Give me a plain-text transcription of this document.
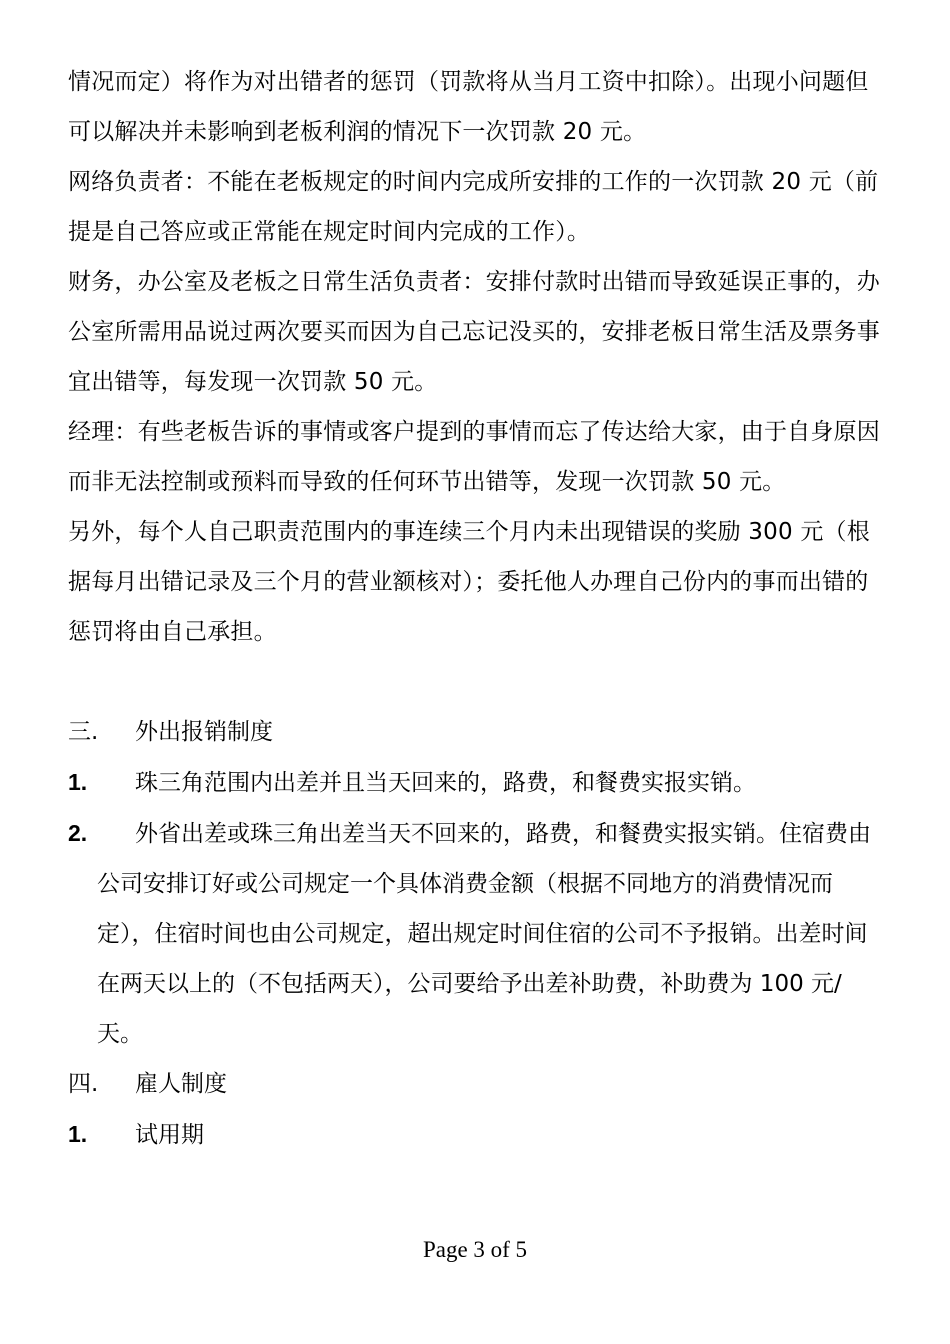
情况而定）将作为对出错者的惩罚（罚款将从当月工资中扣除）。出现小问题但可以解决并未影响到老板利润的情况下一次罚款 20 元。

网络负责者：不能在老板规定的时间内完成所安排的工作的一次罚款 20 元（前提是自己答应或正常能在规定时间内完成的工作）。

财务，办公室及老板之日常生活负责者：安排付款时出错而导致延误正事的，办公室所需用品说过两次要买而因为自己忘记没买的，安排老板日常生活及票务事宜出错等，每发现一次罚款 50 元。

经理：有些老板告诉的事情或客户提到的事情而忘了传达给大家，由于自身原因而非无法控制或预料而导致的任何环节出错等，发现一次罚款 50 元。

另外，每个人自己职责范围内的事连续三个月内未出现错误的奖励 300 元（根据每月出错记录及三个月的营业额核对）；委托他人办理自己份内的事而出错的惩罚将由自己承担。

三.	外出报销制度

1. 珠三角范围内出差并且当天回来的，路费，和餐费实报实销。

2. 外省出差或珠三角出差当天不回来的，路费，和餐费实报实销。住宿费由公司安排订好或公司规定一个具体消费金额（根据不同地方的消费情况而定），住宿时间也由公司规定，超出规定时间住宿的公司不予报销。出差时间在两天以上的（不包括两天），公司要给予出差补助费，补助费为 100 元/天。

四.	雇人制度

1. 试用期

Page 3 of 5
